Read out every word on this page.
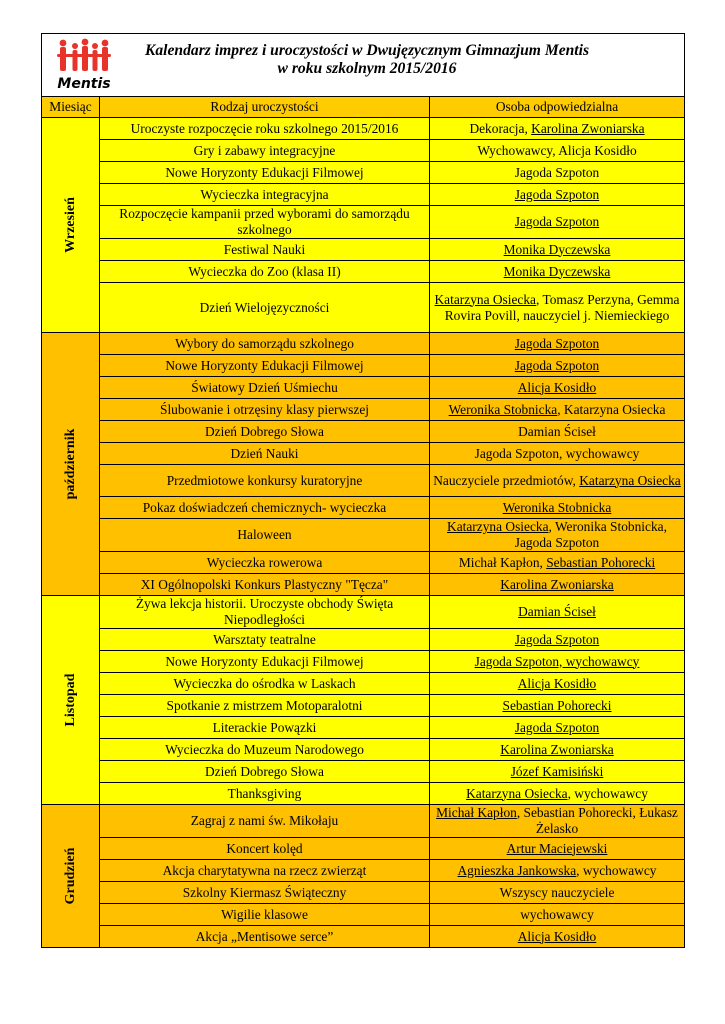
Mentis
Kalendarz imprez i uroczystości w Dwujęzycznym Gimnazjum Mentis
w roku szkolnym 2015/2016		

Miesiąc	Rodzaj uroczystości	Osoba odpowiedzialna

Wrzesień	Uroczyste rozpoczęcie roku szkolnego 2015/2016	Dekoracja, Karolina Zwoniarska
	Gry i zabawy integracyjne	Wychowawcy, Alicja Kosidło
	Nowe Horyzonty Edukacji Filmowej	Jagoda Szpoton
	Wycieczka integracyjna	Jagoda Szpoton
	Rozpoczęcie kampanii przed wyborami do samorządu szkolnego	Jagoda Szpoton
	Festiwal Nauki	Monika Dyczewska
	Wycieczka do Zoo (klasa II)	Monika Dyczewska
	Dzień Wielojęzyczności	Katarzyna Osiecka, Tomasz Perzyna, Gemma Rovira Povill, nauczyciel j. Niemieckiego

październik	Wybory do samorządu szkolnego	Jagoda Szpoton
	Nowe Horyzonty Edukacji Filmowej	Jagoda Szpoton
	Światowy Dzień Uśmiechu	Alicja Kosidło
	Ślubowanie i otrzęsiny klasy pierwszej	Weronika Stobnicka, Katarzyna Osiecka
	Dzień Dobrego Słowa	Damian Ściseł
	Dzień Nauki	Jagoda Szpoton, wychowawcy
	Przedmiotowe konkursy kuratoryjne	Nauczyciele przedmiotów, Katarzyna Osiecka
	Pokaz doświadczeń chemicznych- wycieczka	Weronika Stobnicka
	Haloween	Katarzyna Osiecka, Weronika Stobnicka, Jagoda Szpoton
	Wycieczka rowerowa	Michał Kapłon, Sebastian Pohorecki
	XI Ogólnopolski Konkurs Plastyczny "Tęcza"	Karolina Zwoniarska

Listopad	Żywa lekcja historii. Uroczyste obchody Święta Niepodległości	Damian Ściseł
	Warsztaty teatralne	Jagoda Szpoton
	Nowe Horyzonty Edukacji Filmowej	Jagoda Szpoton, wychowawcy
	Wycieczka do ośrodka w Laskach	Alicja Kosidło
	Spotkanie z mistrzem Motoparalotni	Sebastian Pohorecki
	Literackie Powązki	Jagoda Szpoton
	Wycieczka do Muzeum Narodowego	Karolina Zwoniarska
	Dzień Dobrego Słowa	Józef Kamisiński
	Thanksgiving	Katarzyna Osiecka, wychowawcy

Grudzień	Zagraj z nami św. Mikołaju	Michał Kapłon, Sebastian Pohorecki, Łukasz Żelasko
	Koncert kolęd	Artur Maciejewski
	Akcja charytatywna na rzecz zwierząt	Agnieszka Jankowska, wychowawcy
	Szkolny Kiermasz Świąteczny	Wszyscy nauczyciele
	Wigilie klasowe	wychowawcy
	Akcja „Mentisowe serce”	Alicja Kosidło
